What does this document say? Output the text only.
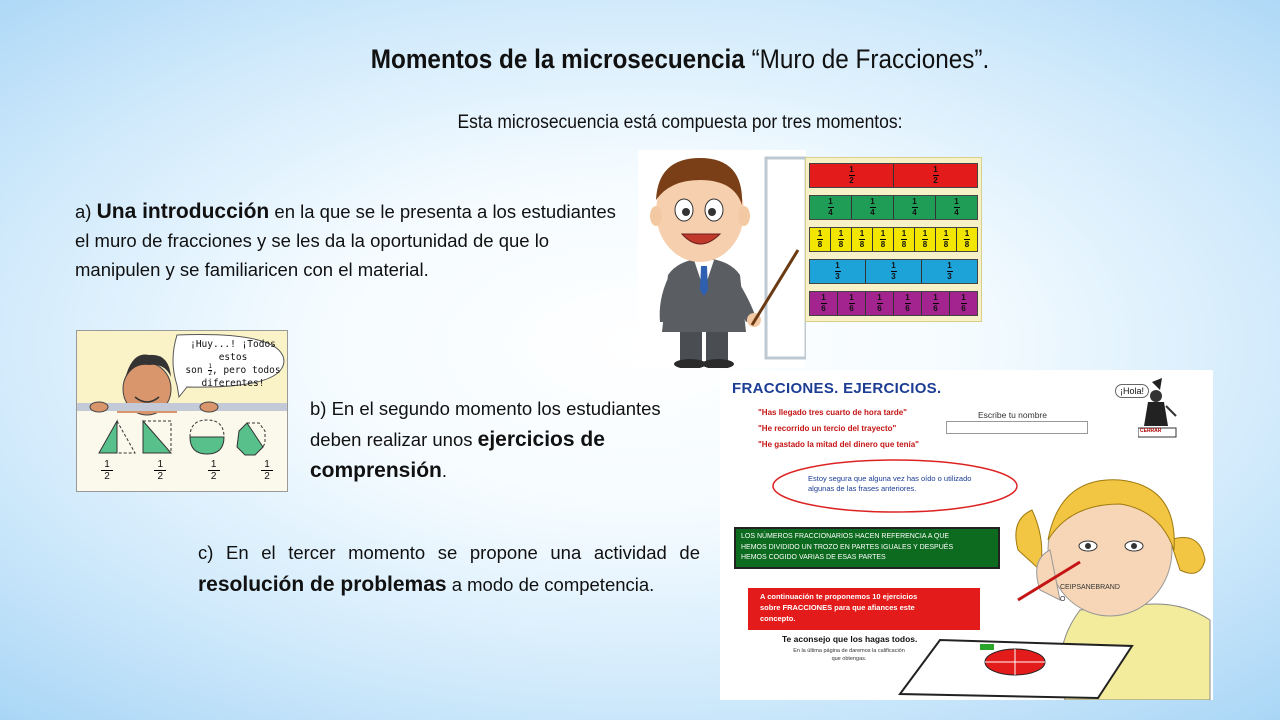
Momentos de la microsecuencia “Muro de Fracciones”.
Esta microsecuencia está compuesta por tres momentos:
a) Una introducción en la que se le presenta a los estudiantes el muro de fracciones y se les da la oportunidad de que lo manipulen y se familiaricen con el material.
1
2
1
2
1
4
1
4
1
4
1
4
1
8
1
8
1
8
1
8
1
8
1
8
1
8
1
8
1
3
1
3
1
3
1
6
1
6
1
6
1
6
1
6
1
6
¡Huy...! ¡Todos estos
son $\frac{1}{2}$ , pero todos
diferentes!
1
2
1
2
1
2
1
2
b) En el segundo momento los estudiantes deben realizar unos ejercicios de comprensión.
c) En el tercer momento se propone una actividad de
resolución de problemas a modo de competencia.
FRACCIONES. EJERCICIOS.	¡Hola!
CERRAR
"Has llegado tres cuarto de hora tarde"
"He recorrido un tercio del trayecto"
"He gastado la mitad del dinero que tenía"
Escribe tu nombre
Estoy segura que alguna vez has oído o utilizado
algunas de las frases anteriores.
LOS NÚMEROS FRACCIONARIOS HACEN REFERENCIA A QUE
HEMOS DIVIDIDO UN TROZO EN PARTES IGUALES Y DESPUÉS
HEMOS COGIDO VARIAS DE ESAS PARTES
A continuación te proponemos 10 ejercicios
sobre FRACCIONES para que afiances este
concepto.
Te aconsejo que los hagas todos.
En la última página de daremos la calificación
que obtengas.
CEIPSANEBRANDO
